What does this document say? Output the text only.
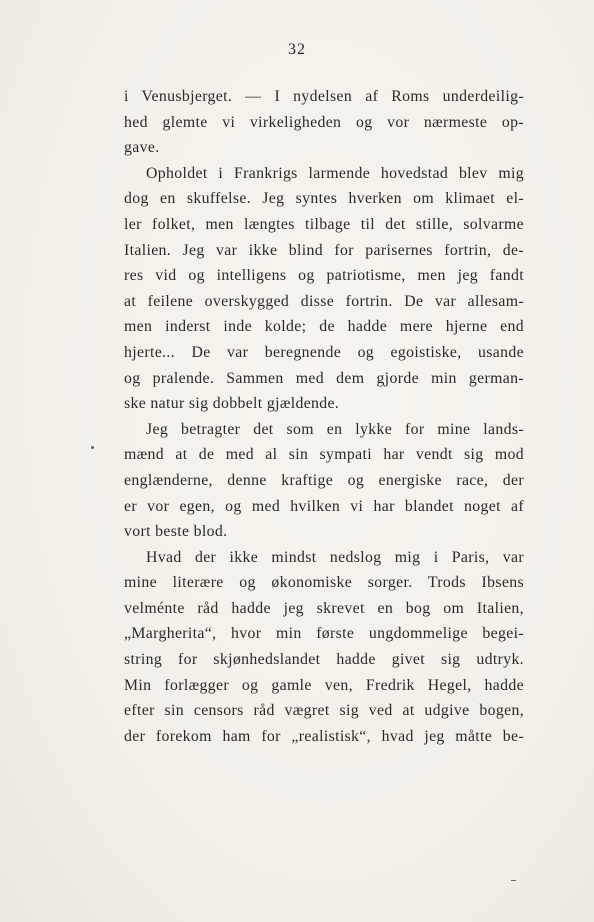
32
i Venusbjerget. — I nydelsen af Roms underdeilig-
hed glemte vi virkeligheden og vor nærmeste op-
gave.
Opholdet i Frankrigs larmende hovedstad blev mig
dog en skuffelse. Jeg syntes hverken om klimaet el-
ler folket, men længtes tilbage til det stille, solvarme
Italien. Jeg var ikke blind for parisernes fortrin, de-
res vid og intelligens og patriotisme, men jeg fandt
at feilene overskygged disse fortrin. De var allesam-
men inderst inde kolde; de hadde mere hjerne end
hjerte... De var beregnende og egoistiske, usande
og pralende. Sammen med dem gjorde min german-
ske natur sig dobbelt gjældende.
Jeg betragter det som en lykke for mine lands-
mænd at de med al sin sympati har vendt sig mod
englænderne, denne kraftige og energiske race, der
er vor egen, og med hvilken vi har blandet noget af
vort beste blod.
Hvad der ikke mindst nedslog mig i Paris, var
mine literære og økonomiske sorger. Trods Ibsens
velménte råd hadde jeg skrevet en bog om Italien,
„Margherita“, hvor min første ungdommelige begei-
string for skjønhedslandet hadde givet sig udtryk.
Min forlægger og gamle ven, Fredrik Hegel, hadde
efter sin censors råd vægret sig ved at udgive bogen,
der forekom ham for „realistisk“, hvad jeg måtte be-
